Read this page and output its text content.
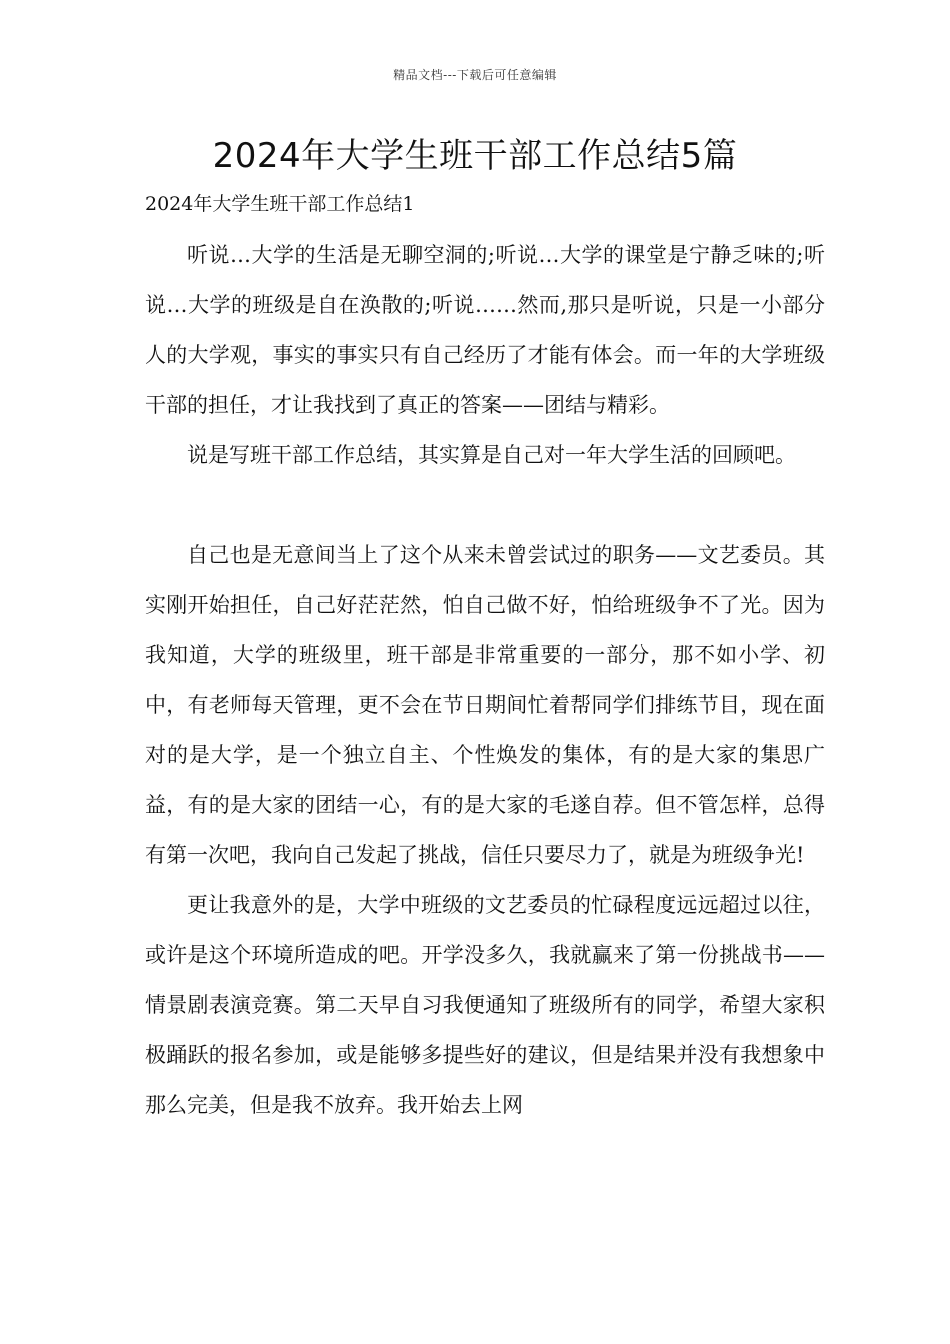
精品文档---下载后可任意编辑
2024年大学生班干部工作总结5篇
2024年大学生班干部工作总结1

听说…大学的生活是无聊空洞的;听说…大学的课堂是宁静乏味的;听说…大学的班级是自在涣散的;听说……然而,那只是听说，只是一小部分人的大学观，事实的事实只有自己经历了才能有体会。而一年的大学班级干部的担任，才让我找到了真正的答案——团结与精彩。

说是写班干部工作总结，其实算是自己对一年大学生活的回顾吧。

自己也是无意间当上了这个从来未曾尝试过的职务——文艺委员。其实刚开始担任，自己好茫茫然，怕自己做不好，怕给班级争不了光。因为我知道，大学的班级里，班干部是非常重要的一部分，那不如小学、初中，有老师每天管理，更不会在节日期间忙着帮同学们排练节目，现在面对的是大学，是一个独立自主、个性焕发的集体，有的是大家的集思广益，有的是大家的团结一心，有的是大家的毛遂自荐。但不管怎样，总得有第一次吧，我向自己发起了挑战，信任只要尽力了，就是为班级争光!

更让我意外的是，大学中班级的文艺委员的忙碌程度远远超过以往，或许是这个环境所造成的吧。开学没多久，我就赢来了第一份挑战书——情景剧表演竞赛。第二天早自习我便通知了班级所有的同学，希望大家积极踊跃的报名参加，或是能够多提些好的建议，但是结果并没有我想象中那么完美，但是我不放弃。我开始去上网
